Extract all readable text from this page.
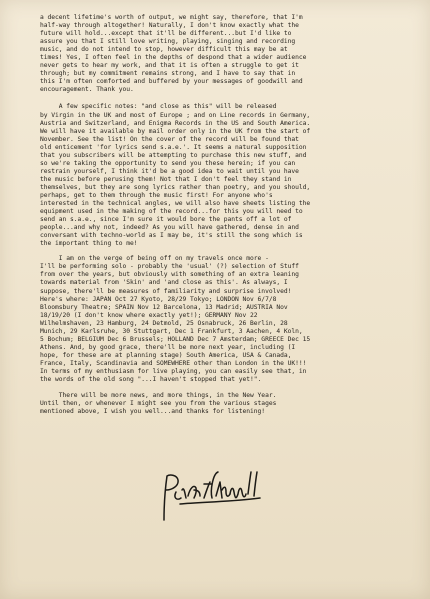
a decent lifetime's worth of output, we might say, therefore, that I'm
half-way through altogether! Naturally, I don't know exactly what the
future will hold...except that it'll be different...but I'd like to
assure you that I still love writing, playing, singing and recording
music, and do not intend to stop, however difficult this may be at
times! Yes, I often feel in the depths of despond that a wider audience
never gets to hear my work, and that it is often a struggle to get it
through; but my commitment remains strong, and I have to say that in
this I'm often comforted and buffered by your messages of goodwill and
encouragement. Thank you.
A few specific notes: "and close as this" will be released
by Virgin in the UK and most of Europe ; and on Line records in Germany,
Austria and Switzerland, and Enigma Records in the US and South America.
We will have it available by mail order only in the UK from the start of
November. See the list! On the cover of the record will be found that
old enticement 'for lyrics send s.a.e.'. It seems a natural supposition
that you subscribers will be attempting to purchase this new stuff, and
so we're taking the opportunity to send you these herein; if you can
restrain yourself, I think it'd be a good idea to wait until you have
the music before perusing them! Not that I don't feel they stand in
themselves, but they are song lyrics rather than poetry, and you should,
perhaps, get to them through the music first! For anyone who's
interested in the technical angles, we will also have sheets listing the
equipment used in the making of the record...for this you will need to
send an s.a.e., since I'm sure it would bore the pants off a lot of
people...and why not, indeed? As you will have gathered, dense in and
conversant with techno-world as I may be, it's still the song which is
the important thing to me!
I am on the verge of being off on my travels once more -
I'll be performing solo - probably the 'usual' (?) selection of Stuff
from over the years, but obviously with something of an extra leaning
towards material from 'Skin' and 'and close as this'. As always, I
suppose, there'll be measures of familiarity and surprise involved!
Here's where: JAPAN Oct 27 Kyoto, 28/29 Tokyo; LONDON Nov 6/7/8
Bloomsbury Theatre; SPAIN Nov 12 Barcelona, 13 Madrid; AUSTRIA Nov
18/19/20 (I don't know where exactly yet!); GERMANY Nov 22
Wilhelmshaven, 23 Hamburg, 24 Detmold, 25 Osnabruck, 26 Berlin, 28
Munich, 29 Karlsruhe, 30 Stuttgart, Dec 1 Frankfurt, 3 Aachen, 4 Koln,
5 Bochum; BELGIUM Dec 6 Brussels; HOLLAND Dec 7 Amsterdam; GREECE Dec 15
Athens. And, by good grace, there'll be more next year, including (I
hope, for these are at planning stage) South America, USA & Canada,
France, Italy, Scandinavia and SOMEWHERE other than London in the UK!!!
In terms of my enthusiasm for live playing, you can easily see that, in
the words of the old song "...I haven't stopped that yet!".
There will be more news, and more things, in the New Year.
Until then, or whenever I might see you from the various stages
mentioned above, I wish you well...and thanks for listening!
